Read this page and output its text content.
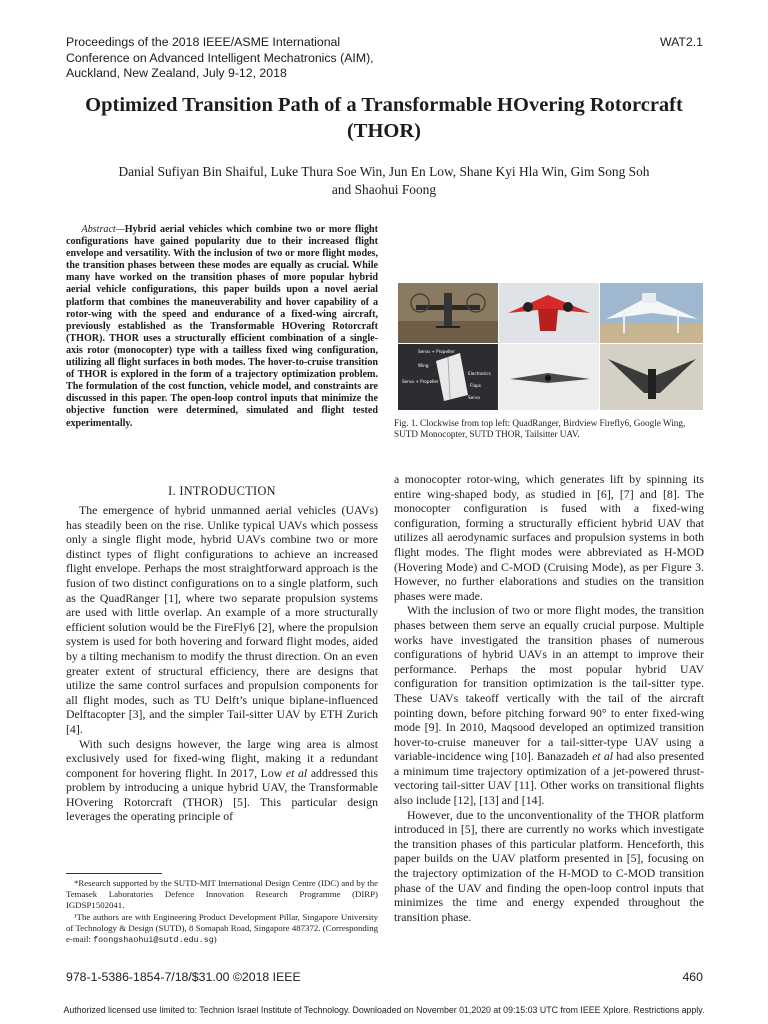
Proceedings of the 2018 IEEE/ASME International
Conference on Advanced Intelligent Mechatronics (AIM),
Auckland, New Zealand, July 9-12, 2018
WAT2.1
Optimized Transition Path of a Transformable HOvering Rotorcraft
(THOR)
Danial Sufiyan Bin Shaiful, Luke Thura Soe Win, Jun En Low, Shane Kyi Hla Win, Gim Song Soh
and Shaohui Foong
Abstract—Hybrid aerial vehicles which combine two or more flight configurations have gained popularity due to their increased flight envelope and versatility. With the inclusion of two or more flight modes, the transition phases between these modes are equally as crucial. While many have worked on the transition phases of more popular hybrid aerial vehicle configurations, this paper builds upon a novel aerial platform that combines the maneuverability and hover capability of a rotor-wing with the speed and endurance of a fixed-wing aircraft, previously established as the Transformable HOvering Rotorcraft (THOR). THOR uses a structurally efficient combination of a single-axis rotor (monocopter) type with a tailless fixed wing configuration, utilizing all flight surfaces in both modes. The hover-to-cruise transition of THOR is explored in the form of a trajectory optimization problem. The formulation of the cost function, vehicle model, and constraints are discussed in this paper. The open-loop control inputs that minimize the objective function were determined, simulated and flight tested experimentally.
I. INTRODUCTION

The emergence of hybrid unmanned aerial vehicles (UAVs) has steadily been on the rise. Unlike typical UAVs which possess only a single flight mode, hybrid UAVs combine two or more distinct types of flight configurations to achieve an increased flight envelope. Perhaps the most straightforward approach is the fusion of two distinct configurations on to a single platform, such as the QuadRanger [1], where two separate propulsion systems are used with little overlap. An example of a more structurally efficient solution would be the FireFly6 [2], where the propulsion system is used for both hovering and forward flight modes, aided by a tilting mechanism to modify the thrust direction. On an even greater extent of structural efficiency, there are designs that utilize the same control surfaces and propulsion components for all flight modes, such as TU Delft’s unique biplane-influenced Delftacopter [3], and the simpler Tail-sitter UAV by ETH Zurich [4].

With such designs however, the large wing area is almost exclusively used for fixed-wing flight, making it a redundant component for hovering flight. In 2017, Low et al addressed this problem by introducing a unique hybrid UAV, the Transformable HOvering Rotorcraft (THOR) [5]. This particular design leverages the operating principle of

*Research supported by the SUTD-MIT International Design Centre (IDC) and by the Temasek Laboratories Defence Innovation Research Programme (DIRP) IGDSP1502041.

¹The authors are with Engineering Product Development Pillar, Singapore University of Technology & Design (SUTD), 8 Somapah Road, Singapore 487372. (Corresponding e-mail: foongshaohui@sutd.edu.sg)

Servo + Propeller
Wing
Servo + Propeller
Electronics
Flaps
Servo
Fig. 1. Clockwise from top left: QuadRanger, Birdview Firefly6, Google Wing, SUTD Monocopter, SUTD THOR, Tailsitter UAV.

a monocopter rotor-wing, which generates lift by spinning its entire wing-shaped body, as studied in [6], [7] and [8]. The monocopter configuration is fused with a fixed-wing configuration, forming a structurally efficient hybrid UAV that utilizes all aerodynamic surfaces and propulsion systems in both flight modes. The flight modes were abbreviated as H-MOD (Hovering Mode) and C-MOD (Cruising Mode), as per Figure 3. However, no further elaborations and studies on the transition phases were made.

With the inclusion of two or more flight modes, the transition phases between them serve an equally crucial purpose. Multiple works have investigated the transition phases of numerous configurations of hybrid UAVs in an attempt to improve their performance. Perhaps the most popular hybrid UAV configuration for transition optimization is the tail-sitter type. These UAVs takeoff vertically with the tail of the aircraft pointing down, before pitching forward 90° to enter fixed-wing mode [9]. In 2010, Maqsood developed an optimized transition hover-to-cruise maneuver for a tail-sitter-type UAV using a variable-incidence wing [10]. Banazadeh et al had also presented a minimum time trajectory optimization of a jet-powered thrust-vectoring tail-sitter UAV [11]. Other works on transitional flights also include [12], [13] and [14].

However, due to the unconventionality of the THOR platform introduced in [5], there are currently no works which investigate the transition phases of this particular platform. Henceforth, this paper builds on the UAV platform presented in [5], focusing on the trajectory optimization of the H-MOD to C-MOD transition phase of the UAV and finding the open-loop control inputs that minimizes the time and energy expended throughout the transition phase.

978-1-5386-1854-7/18/$31.00 ©2018 IEEE	460
Authorized licensed use limited to: Technion Israel Institute of Technology. Downloaded on November 01,2020 at 09:15:03 UTC from IEEE Xplore. Restrictions apply.
